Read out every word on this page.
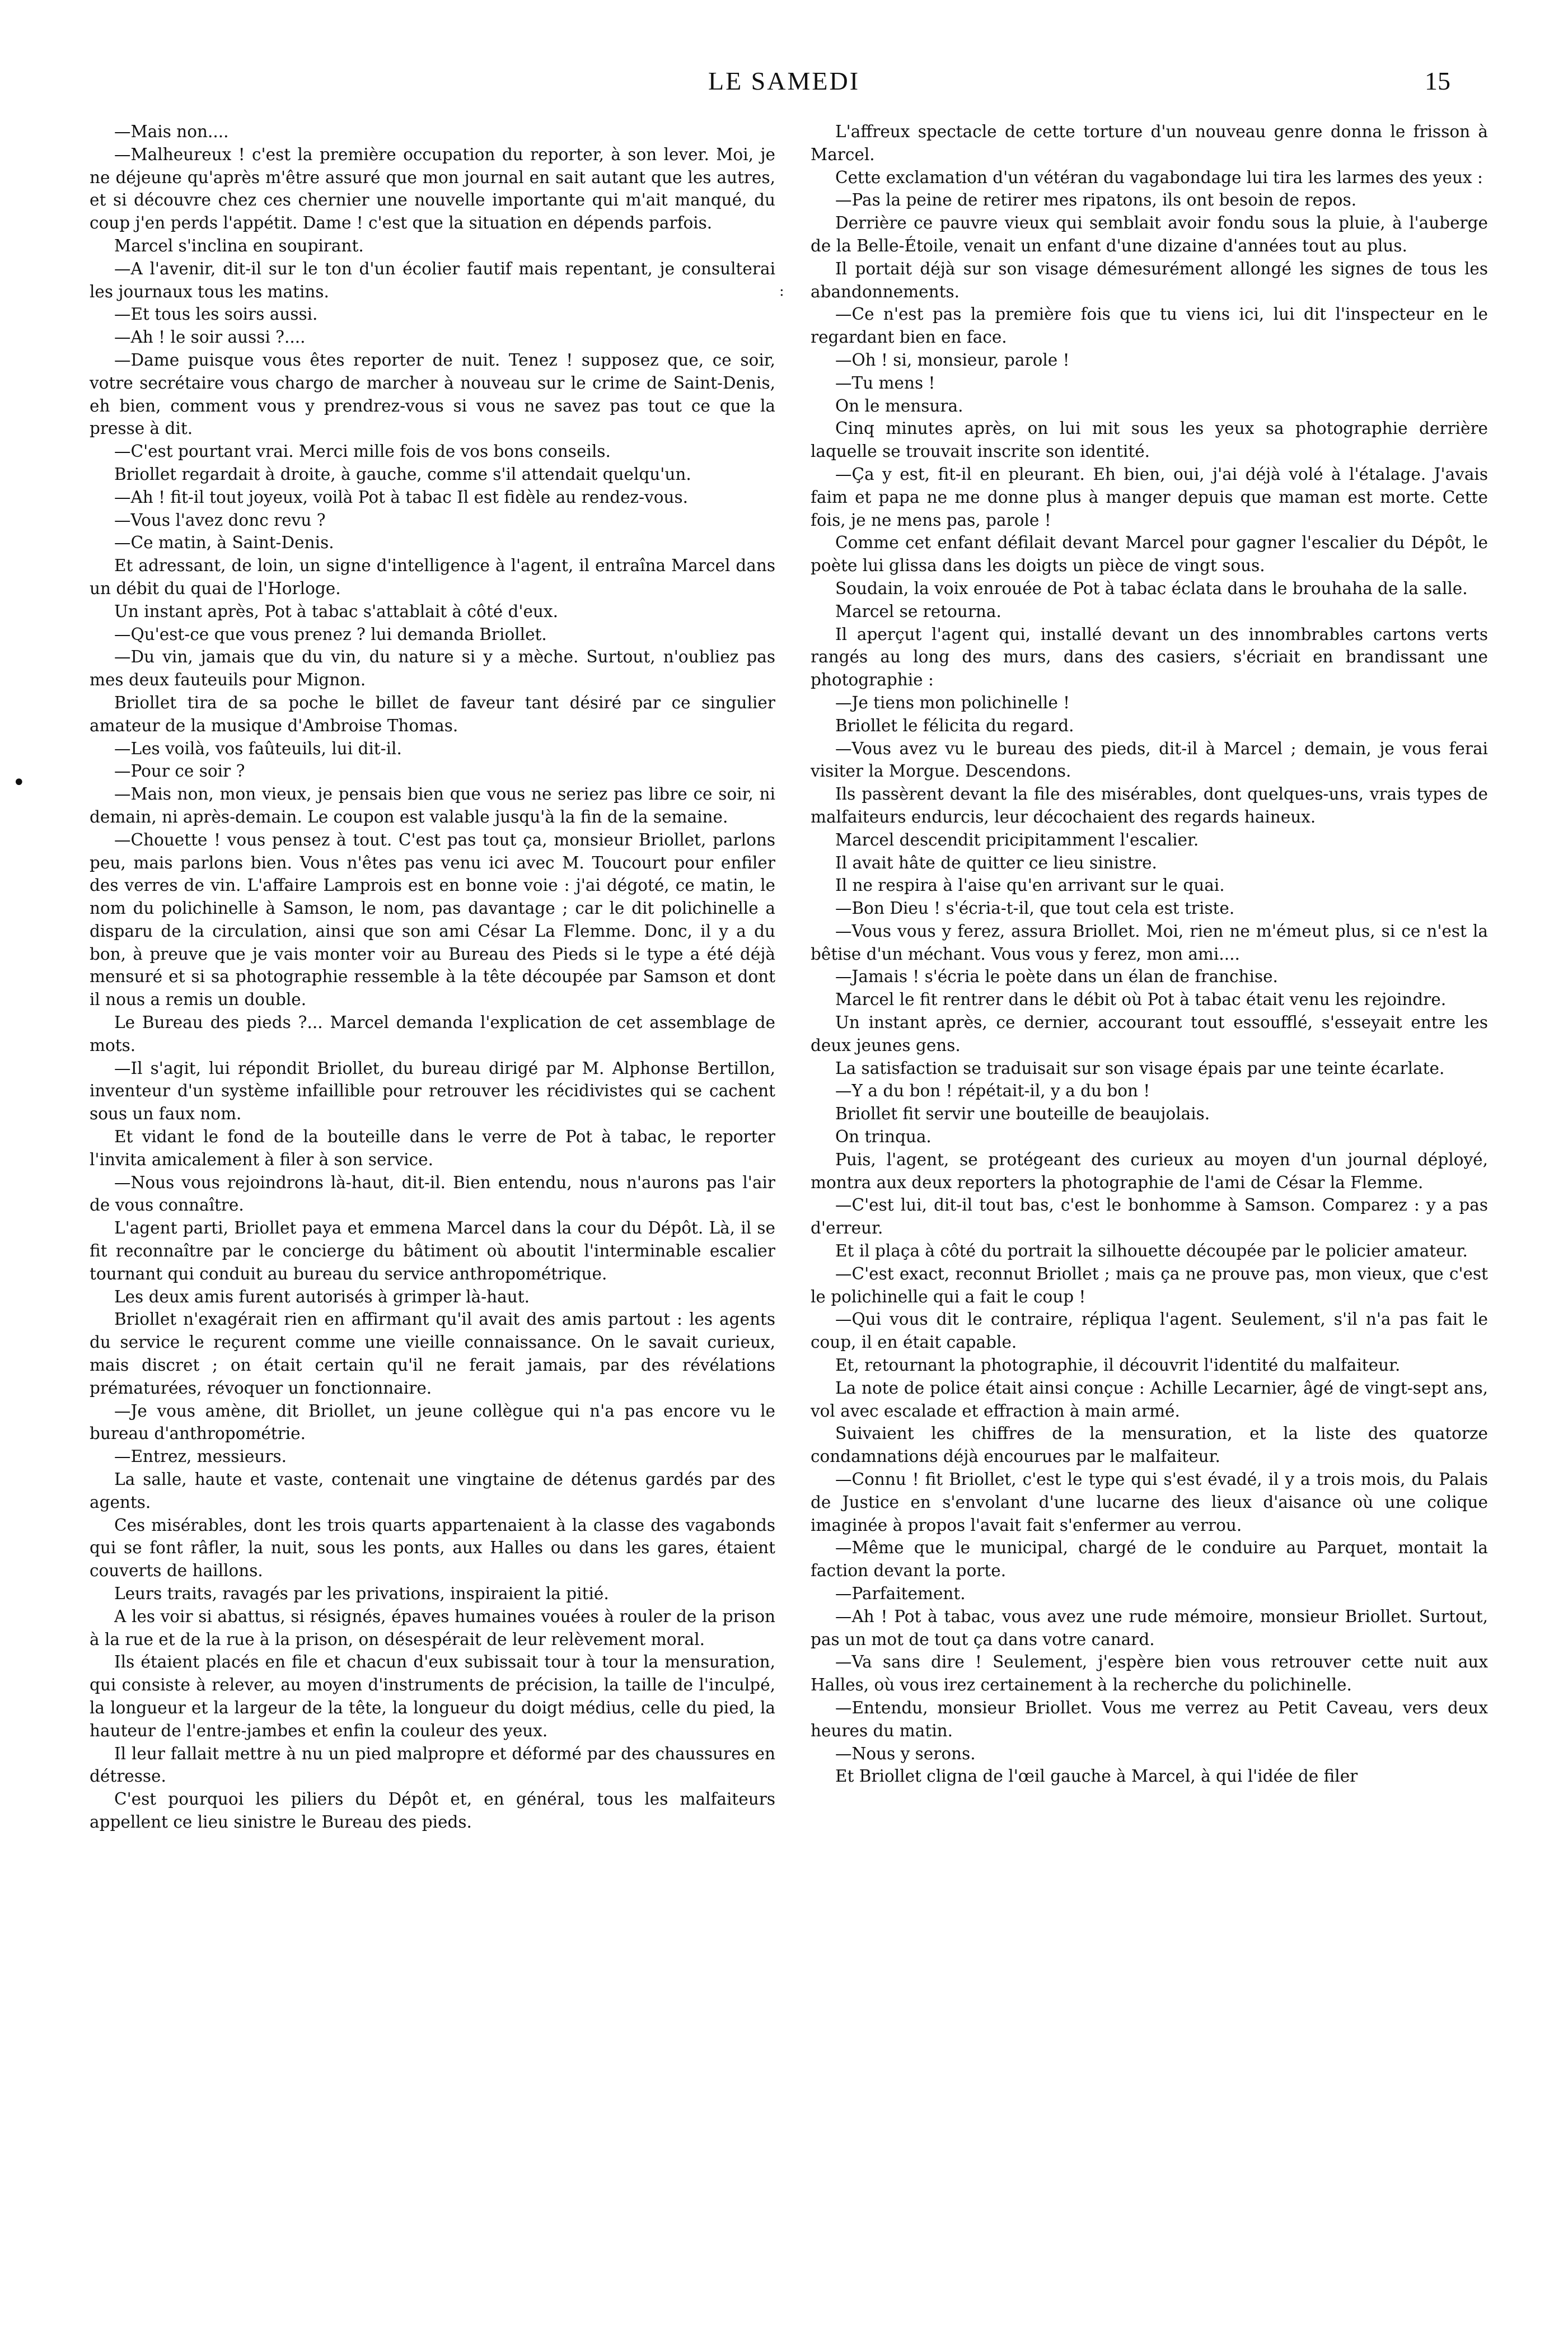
LE SAMEDI	15

—Mais non....

—Malheureux ! c'est la première occupation du reporter, à son lever. Moi, je ne déjeune qu'après m'être assuré que mon journal en sait autant que les autres, et si découvre chez ces chernier une nouvelle importante qui m'ait manqué, du coup j'en perds l'appétit. Dame ! c'est que la situation en dépends parfois.

Marcel s'inclina en soupirant.

—A l'avenir, dit-il sur le ton d'un écolier fautif mais repentant, je consulterai les journaux tous les matins.

—Et tous les soirs aussi.

—Ah ! le soir aussi ?....

—Dame puisque vous êtes reporter de nuit. Tenez ! supposez que, ce soir, votre secrétaire vous chargo de marcher à nouveau sur le crime de Saint-Denis, eh bien, comment vous y prendrez-vous si vous ne savez pas tout ce que la presse à dit.

—C'est pourtant vrai. Merci mille fois de vos bons conseils.

Briollet regardait à droite, à gauche, comme s'il attendait quelqu'un.

—Ah ! fit-il tout joyeux, voilà Pot à tabac Il est fidèle au rendez-vous.

—Vous l'avez donc revu ?

—Ce matin, à Saint-Denis.

Et adressant, de loin, un signe d'intelligence à l'agent, il entraîna Marcel dans un débit du quai de l'Horloge.

Un instant après, Pot à tabac s'attablait à côté d'eux.

—Qu'est-ce que vous prenez ? lui demanda Briollet.

—Du vin, jamais que du vin, du nature si y a mèche. Surtout, n'oubliez pas mes deux fauteuils pour Mignon.

Briollet tira de sa poche le billet de faveur tant désiré par ce singulier amateur de la musique d'Ambroise Thomas.

—Les voilà, vos faûteuils, lui dit-il.

—Pour ce soir ?

—Mais non, mon vieux, je pensais bien que vous ne seriez pas libre ce soir, ni demain, ni après-demain. Le coupon est valable jusqu'à la fin de la semaine.

—Chouette ! vous pensez à tout. C'est pas tout ça, monsieur Briollet, parlons peu, mais parlons bien. Vous n'êtes pas venu ici avec M. Toucourt pour enfiler des verres de vin. L'affaire Lamprois est en bonne voie : j'ai dégoté, ce matin, le nom du polichinelle à Samson, le nom, pas davantage ; car le dit polichinelle a disparu de la circulation, ainsi que son ami César La Flemme. Donc, il y a du bon, à preuve que je vais monter voir au Bureau des Pieds si le type a été déjà mensuré et si sa photographie ressemble à la tête découpée par Samson et dont il nous a remis un double.

Le Bureau des pieds ?... Marcel demanda l'explication de cet assemblage de mots.

—Il s'agit, lui répondit Briollet, du bureau dirigé par M. Alphonse Bertillon, inventeur d'un système infaillible pour retrouver les récidivistes qui se cachent sous un faux nom.

Et vidant le fond de la bouteille dans le verre de Pot à tabac, le reporter l'invita amicalement à filer à son service.

—Nous vous rejoindrons là-haut, dit-il. Bien entendu, nous n'aurons pas l'air de vous connaître.

L'agent parti, Briollet paya et emmena Marcel dans la cour du Dépôt. Là, il se fit reconnaître par le concierge du bâtiment où aboutit l'interminable escalier tournant qui conduit au bureau du service anthropométrique.

Les deux amis furent autorisés à grimper là-haut.

Briollet n'exagérait rien en affirmant qu'il avait des amis partout : les agents du service le reçurent comme une vieille connaissance. On le savait curieux, mais discret ; on était certain qu'il ne ferait jamais, par des révélations prématurées, révoquer un fonctionnaire.

—Je vous amène, dit Briollet, un jeune collègue qui n'a pas encore vu le bureau d'anthropométrie.

—Entrez, messieurs.

La salle, haute et vaste, contenait une vingtaine de détenus gardés par des agents.

Ces misérables, dont les trois quarts appartenaient à la classe des vagabonds qui se font râfler, la nuit, sous les ponts, aux Halles ou dans les gares, étaient couverts de haillons.

Leurs traits, ravagés par les privations, inspiraient la pitié.

A les voir si abattus, si résignés, épaves humaines vouées à rouler de la prison à la rue et de la rue à la prison, on désespérait de leur relèvement moral.

Ils étaient placés en file et chacun d'eux subissait tour à tour la mensuration, qui consiste à relever, au moyen d'instruments de précision, la taille de l'inculpé, la longueur et la largeur de la tête, la longueur du doigt médius, celle du pied, la hauteur de l'entre-jambes et enfin la couleur des yeux.

Il leur fallait mettre à nu un pied malpropre et déformé par des chaussures en détresse.

C'est pourquoi les piliers du Dépôt et, en général, tous les malfaiteurs appellent ce lieu sinistre le Bureau des pieds.

L'affreux spectacle de cette torture d'un nouveau genre donna le frisson à Marcel.

Cette exclamation d'un vétéran du vagabondage lui tira les larmes des yeux :

—Pas la peine de retirer mes ripatons, ils ont besoin de repos.

Derrière ce pauvre vieux qui semblait avoir fondu sous la pluie, à l'auberge de la Belle-Étoile, venait un enfant d'une dizaine d'années tout au plus.

Il portait déjà sur son visage démesurément allongé les signes de tous les abandonnements.

—Ce n'est pas la première fois que tu viens ici, lui dit l'inspecteur en le regardant bien en face.

—Oh ! si, monsieur, parole !

—Tu mens !

On le mensura.

Cinq minutes après, on lui mit sous les yeux sa photographie derrière laquelle se trouvait inscrite son identité.

—Ça y est, fit-il en pleurant. Eh bien, oui, j'ai déjà volé à l'étalage. J'avais faim et papa ne me donne plus à manger depuis que maman est morte. Cette fois, je ne mens pas, parole !

Comme cet enfant défilait devant Marcel pour gagner l'escalier du Dépôt, le poète lui glissa dans les doigts un pièce de vingt sous.

Soudain, la voix enrouée de Pot à tabac éclata dans le brouhaha de la salle.

Marcel se retourna.

Il aperçut l'agent qui, installé devant un des innombrables cartons verts rangés au long des murs, dans des casiers, s'écriait en brandissant une photographie :

—Je tiens mon polichinelle !

Briollet le félicita du regard.

—Vous avez vu le bureau des pieds, dit-il à Marcel ; demain, je vous ferai visiter la Morgue. Descendons.

Ils passèrent devant la file des misérables, dont quelques-uns, vrais types de malfaiteurs endurcis, leur décochaient des regards haineux.

Marcel descendit pricipitamment l'escalier.

Il avait hâte de quitter ce lieu sinistre.

Il ne respira à l'aise qu'en arrivant sur le quai.

—Bon Dieu ! s'écria-t-il, que tout cela est triste.

—Vous vous y ferez, assura Briollet. Moi, rien ne m'émeut plus, si ce n'est la bêtise d'un méchant. Vous vous y ferez, mon ami....

—Jamais ! s'écria le poète dans un élan de franchise.

Marcel le fit rentrer dans le débit où Pot à tabac était venu les rejoindre.

Un instant après, ce dernier, accourant tout essoufflé, s'esseyait entre les deux jeunes gens.

La satisfaction se traduisait sur son visage épais par une teinte écarlate.

—Y a du bon ! répétait-il, y a du bon !

Briollet fit servir une bouteille de beaujolais.

On trinqua.

Puis, l'agent, se protégeant des curieux au moyen d'un journal déployé, montra aux deux reporters la photographie de l'ami de César la Flemme.

—C'est lui, dit-il tout bas, c'est le bonhomme à Samson. Comparez : y a pas d'erreur.

Et il plaça à côté du portrait la silhouette découpée par le policier amateur.

—C'est exact, reconnut Briollet ; mais ça ne prouve pas, mon vieux, que c'est le polichinelle qui a fait le coup !

—Qui vous dit le contraire, répliqua l'agent. Seulement, s'il n'a pas fait le coup, il en était capable.

Et, retournant la photographie, il découvrit l'identité du malfaiteur.

La note de police était ainsi conçue : Achille Lecarnier, âgé de vingt-sept ans, vol avec escalade et effraction à main armé.

Suivaient les chiffres de la mensuration, et la liste des quatorze condamnations déjà encourues par le malfaiteur.

—Connu ! fit Briollet, c'est le type qui s'est évadé, il y a trois mois, du Palais de Justice en s'envolant d'une lucarne des lieux d'aisance où une colique imaginée à propos l'avait fait s'enfermer au verrou.

—Même que le municipal, chargé de le conduire au Parquet, montait la faction devant la porte.

—Parfaitement.

—Ah ! Pot à tabac, vous avez une rude mémoire, monsieur Briollet. Surtout, pas un mot de tout ça dans votre canard.

—Va sans dire ! Seulement, j'espère bien vous retrouver cette nuit aux Halles, où vous irez certainement à la recherche du polichinelle.

—Entendu, monsieur Briollet. Vous me verrez au Petit Caveau, vers deux heures du matin.

—Nous y serons.

Et Briollet cligna de l'œil gauche à Marcel, à qui l'idée de filer

•
:
